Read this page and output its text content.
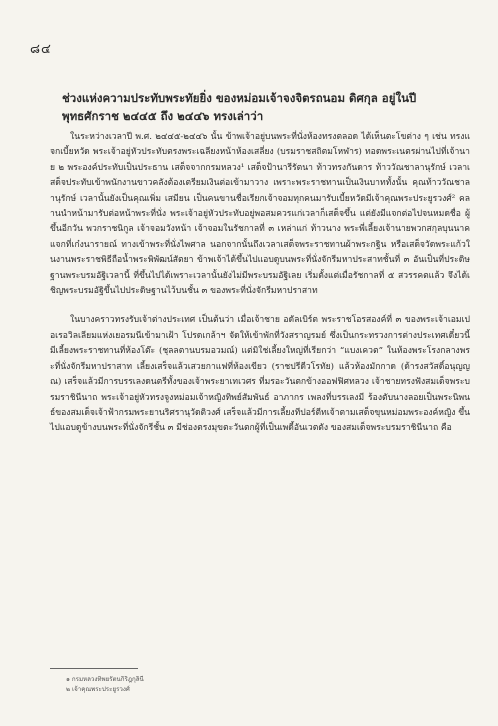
๘๔
ช่วงแห่งความประทับพระทัยยิ่ง ของหม่อมเจ้าจงจิตรถนอม ดิศกุล อยู่ในปี พุทธศักราช ๒๔๔๕ ถึง ๒๔๔๖ ทรงเล่าว่า

ในระหว่างเวลาปี พ.ศ. ๒๔๔๕-๒๔๔๖ นั้น ข้าพเจ้าอยู่บนพระที่นั่งห้องทรงตลอด ได้เห็นตะโขต่าง ๆ เช่น ทรงแจกเบี้ยหวัด พระเจ้าอยู่หัวประทับตรงพระเฉลียงหน้าห้องเสลี่ยง (บรมราชสถิตมโหฬาร) ทอดพระเนตรผ่านไปที่เจ้านาย ๒ พระองค์ประทับเป็นประธาน เสด็จจากกรมหลวง¹ เสด็จป้านารีรัตนา ท้าวทรงกันดาร ท้าววัณชาลานุรักษ์ เวลาเสด็จประทับเข้าพนักงานขาวคลังต้องเตรียมเงินต่อเข้ามาวาง เพราะพระราชทานเป็นเงินบาททั้งนั้น คุณท้าววัณชาลานุรักษ์ เวลานั้นยังเป็นคุณเพิ่ม เสมียน เป็นคนขานชื่อเรียกเจ้าจอมทุกคนมารับเบี้ยหวัดมีเจ้าคุณพระประยูรวงศ์² คลานนำหน้ามารับต่อหน้าพระที่นั่ง พระเจ้าอยู่หัวประทับอยู่พอสมควรแก่เวลาก็เสด็จขึ้น แต่ยังมีแจกต่อไปจนหมดชื่อ ผู้ขึ้นอีกวัน พวกราชนิกูล เจ้าจอมวังหน้า เจ้าจอมในรัชกาลที่ ๓ เหล่าแก่ ท้าวนาง พระพี่เลี้ยงเจ้านายพวกสกุลบุนนาคแจกที่เก๋งนารายณ์ ทางเข้าพระที่นั่งไพศาล นอกจากนั้นถึงเวลาเสด็จพระราชทานผ้าพระกฐิน หรือเสด็จวัดพระแก้วในงานพระราชพิธีถือน้ำพระพิพัฒน์สัตยา ข้าพเจ้าได้ขึ้นไปแอบดูบนพระที่นั่งจักรีมหาประสาทชั้นที่ ๓ อันเป็นที่ประดิษฐานพระบรมอัฐิเวลานี้ ที่ขึ้นไปได้เพราะเวลานั้นยังไม่มีพระบรมอัฐิเลย เริ่มตั้งแต่เมื่อรัชกาลที่ ๕ สวรรคตแล้ว จึงได้เชิญพระบรมอัฐิขึ้นไปประดิษฐานไว้บนชั้น ๓ ของพระที่นั่งจักรีมหาปราสาท

ในบางคราวทรงรับเจ้าต่างประเทศ เป็นต้นว่า เมื่อเจ้าชาย อดัลเบิร์ต พระราชโอรสองค์ที่ ๓ ของพระเจ้าเอมเปอเรอวิลเลียมแห่งเยอรมนีเข้ามาเฝ้า โปรดเกล้าฯ จัดให้เข้าพักที่วังสราญรมย์ ซึ่งเป็นกระทรวงการต่างประเทศเดี๋ยวนี้ มีเลี้ยงพระราชทานที่ห้องโต๊ะ (ชุลลตานบรมอวมณ์) แต่มิใช่เลี้ยงใหญ่ที่เรียกว่า “แบงเควต” ในห้องพระโรงกลางพระที่นั่งจักรีมหาปราสาท เลี้ยงเสร็จแล้วเสวยกาแฟที่ห้องเขียว (ราชปรีดีวโรทัย) แล้วห้องมักกาด (ด้ารงสวัสดิ์อนุญญณ) เสร็จแล้วมีการบรรเลงดนตรีทั้งของเจ้าพระยาเทเวศร ที่มรอะวันตกข้างออฟฟิศทลวง เจ้าชายทรงฟังสมเด็จพระบรมราชินีนาถ พระเจ้าอยู่หัวทรงจูงหม่อมเจ้าหญิงทิพย์สัมพันธ์ อาภากร เพลงที่บรรเลงมี ร้องตับนางลอยเป็นพระนิพนธ์ของสมเด็จเจ้าฟ้ากรมพระยานริศรานุวัดติวงศ์ เสร็จแล้วมีการเลี้ยงทีปอร์ตีทเจ้าตามเสด็จขุนหม่อมพระองค์หญิง ขึ้นไปแอบดูข้างบนพระที่นั่งจักรีชั้น ๓ มีช่องตรงมุขตะวันตกผู้ที่เป็นเพดี้อันเวตตัง ของสมเด็จพระบรมราชินีนาถ คือ

๑ กรมหลวงทิพยรัตนกิริฎกุลินี
๒ เจ้าคุณพระประยูรวงศ์
